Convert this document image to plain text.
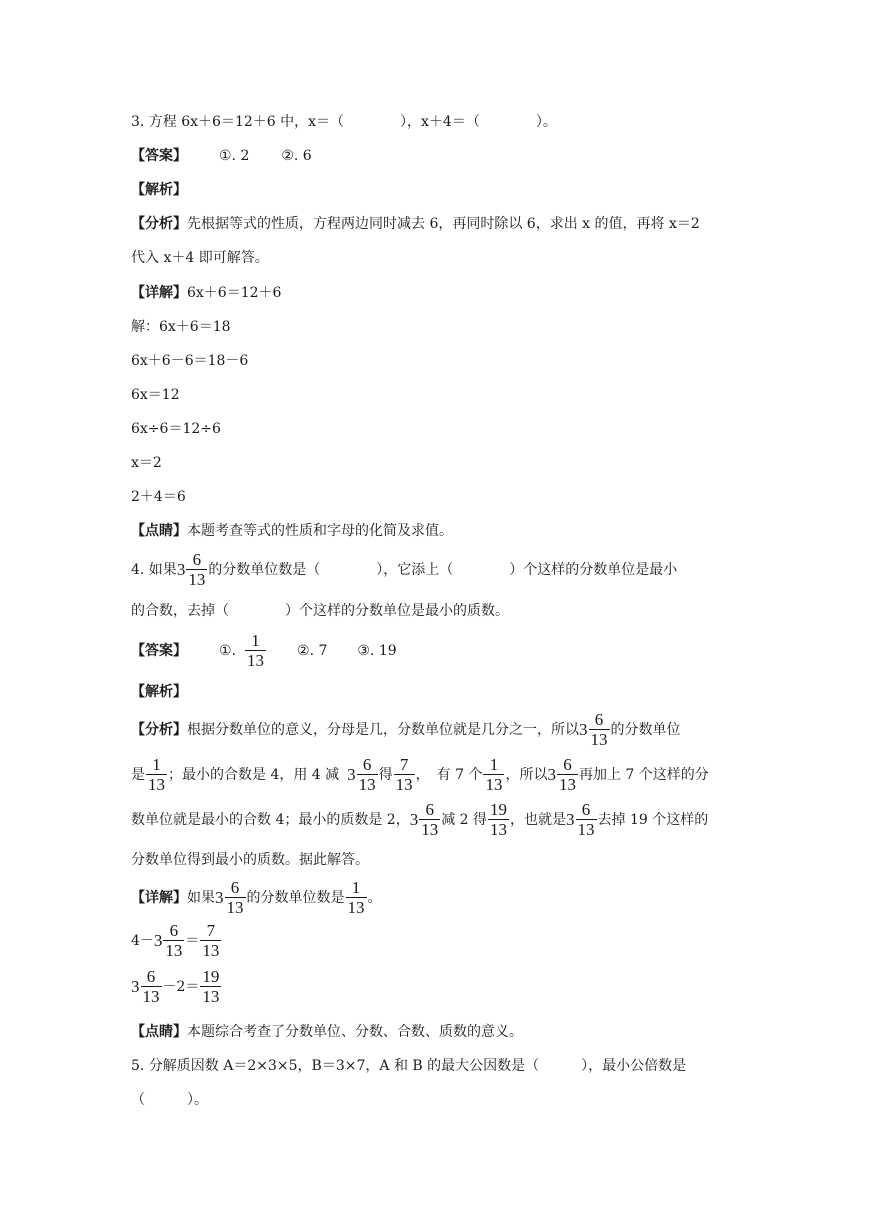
3. 方程 6x＋6＝12＋6 中，x＝（　　　　），x＋4＝（　　　　）。
【答案】 ①. 2 ②. 6
【解析】
【分析】先根据等式的性质，方程两边同时减去 6，再同时除以 6，求出 x 的值，再将 x＝2
代入 x＋4 即可解答。
【详解】6x＋6＝12＋6
解：6x＋6＝18
6x＋6－6＝18－6
6x＝12
6x÷6＝12÷6
x＝2
2＋4＝6
【点睛】本题考查等式的性质和字母的化简及求值。
4. 如果 $3 \frac{6}{13}$ 的分数单位数是（　　　　），它添上（　　　　）个这样的分数单位是最小
的合数，去掉（　　　　）个这样的分数单位是最小的质数。
【答案】 ①. $\frac{1}{13}$ ②. 7 ③. 19
【解析】
【分析】 根据分数单位的意义，分母是几，分数单位就是几分之一，所以 $3 \frac{6}{13}$ 的分数单位
是 $\frac{1}{13}$ ；最小的合数是 4，用 4 减 $3 \frac{6}{13}$ 得 $\frac{7}{13}$ ，　有 7 个 $\frac{1}{13}$ ，所以 $3 \frac{6}{13}$ 再加上 7 个这样的分
数单位就是最小的合数 4；最小的质数是 2， $3 \frac{6}{13}$ 减 2 得 $\frac{19}{13}$ ，也就是 $3 \frac{6}{13}$ 去掉 19 个这样的
分数单位得到最小的质数。据此解答。
【详解】 如果 $3 \frac{6}{13}$ 的分数单位数是 $\frac{1}{13}$ 。
$4- 3 \frac{6}{13} = \frac{7}{13}$
$3 \frac{6}{13} -2= \frac{19}{13}$
【点睛】本题综合考查了分数单位、分数、合数、质数的意义。
5. 分解质因数 A＝2×3×5，B＝3×7，A 和 B 的最大公因数是（　　　），最小公倍数是
（　　　）。
